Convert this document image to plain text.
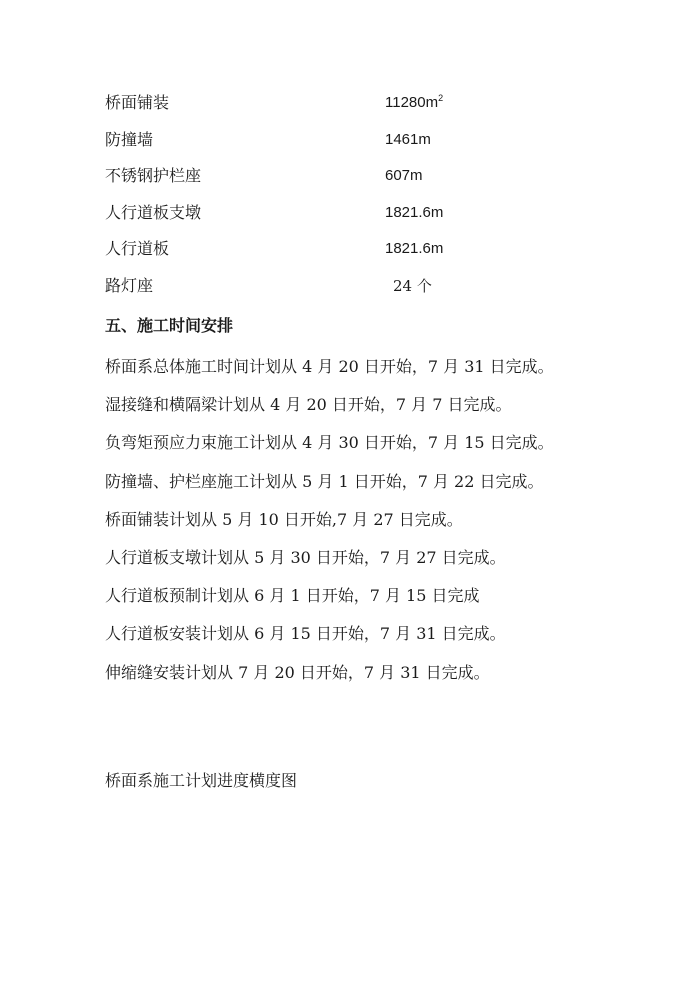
桥面铺装	$11280m^2$
防撞墙	1461m
不锈钢护栏座	607m
人行道板支墩	1821.6m
人行道板	1821.6m
路灯座	24 个
五、施工时间安排
桥面系总体施工时间计划从 4 月 20 日开始，7 月 31 日完成。
湿接缝和横隔梁计划从 4 月 20 日开始，7 月 7 日完成。
负弯矩预应力束施工计划从 4 月 30 日开始，7 月 15 日完成。
防撞墙、护栏座施工计划从 5 月 1 日开始，7 月 22 日完成。
桥面铺装计划从 5 月 10 日开始,7 月 27 日完成。
人行道板支墩计划从 5 月 30 日开始，7 月 27 日完成。
人行道板预制计划从 6 月 1 日开始，7 月 15 日完成
人行道板安装计划从 6 月 15 日开始，7 月 31 日完成。
伸缩缝安装计划从 7 月 20 日开始，7 月 31 日完成。
桥面系施工计划进度横度图
